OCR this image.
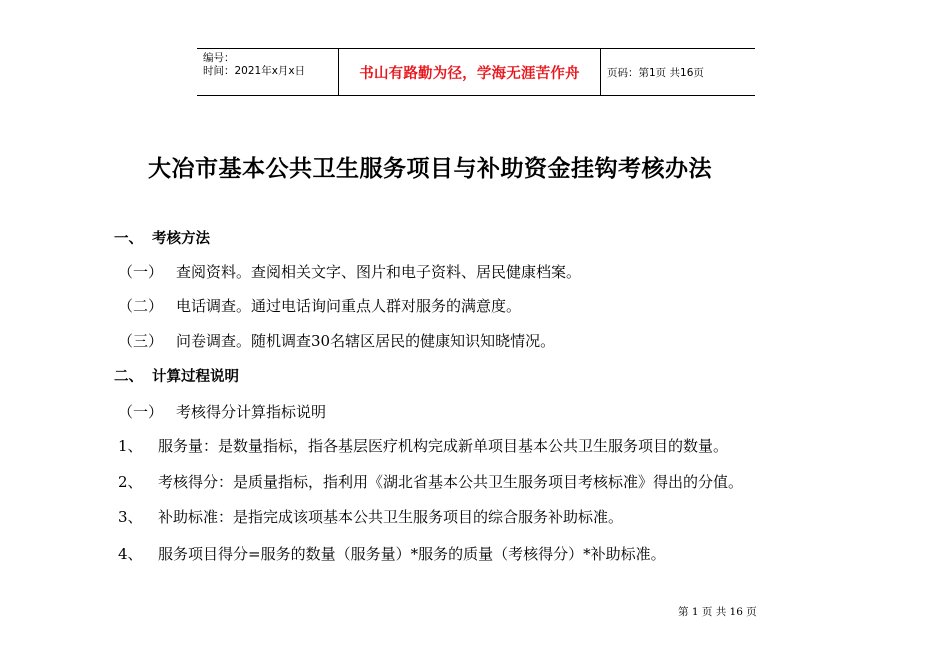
编号：
时间：2021年x月x日	书山有路勤为径，学海无涯苦作舟	页码：第1页 共16页
大冶市基本公共卫生服务项目与补助资金挂钩考核办法
一、 考核方法
（一） 查阅资料。查阅相关文字、图片和电子资料、居民健康档案。
（二） 电话调查。通过电话询问重点人群对服务的满意度。
（三） 问卷调查。随机调查30名辖区居民的健康知识知晓情况。
二、 计算过程说明
（一） 考核得分计算指标说明
1、 服务量：是数量指标，指各基层医疗机构完成新单项目基本公共卫生服务项目的数量。
2、 考核得分：是质量指标，指利用《湖北省基本公共卫生服务项目考核标准》得出的分值。
3、 补助标准：是指完成该项基本公共卫生服务项目的综合服务补助标准。
4、 服务项目得分=服务的数量（服务量）*服务的质量（考核得分）*补助标准。
第 1 页 共 16 页
